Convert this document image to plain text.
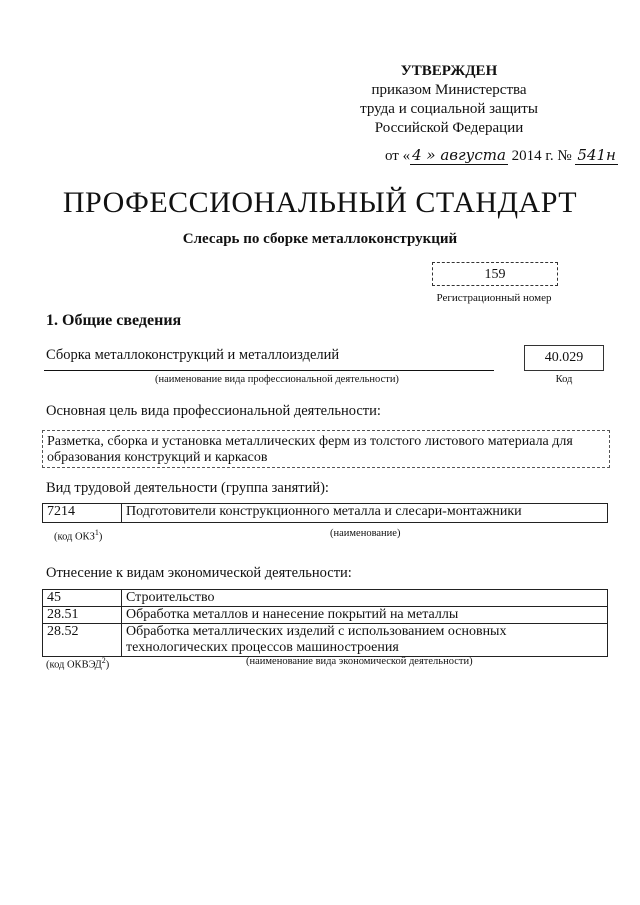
УТВЕРЖДЕН
приказом Министерства
труда и социальной защиты
Российской Федерации
от « 4 » августа 2014 г. № 541н
ПРОФЕССИОНАЛЬНЫЙ СТАНДАРТ
Слесарь по сборке металлоконструкций
159
Регистрационный номер
1. Общие сведения
Сборка металлоконструкций и металлоизделий
(наименование вида профессиональной деятельности)
40.029
Код
Основная цель вида профессиональной деятельности:
Разметка, сборка и установка металлических ферм из толстого листового материала для
образования конструкций и каркасов
Вид трудовой деятельности (группа занятий):
7214	Подготовители конструкционного металла и слесари-монтажники
(код ОКЗ$^1$)	(наименование)
Отнесение к видам экономической деятельности:
45	Строительство
28.51	Обработка металлов и нанесение покрытий на металлы
28.52	Обработка металлических изделий с использованием основных технологических процессов машиностроения
(код ОКВЭД$^2$)	(наименование вида экономической деятельности)
